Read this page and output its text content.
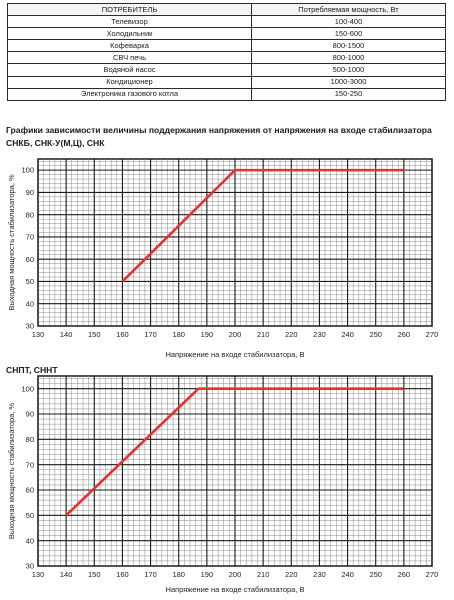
ПОТРЕБИТЕЛЬ	Потребляемая мощность, Вт
Телевизор	100-400
Холодильник	150-600
Кофеварка	800-1500
СВЧ печь	800-1000
Водяной насос	500-1000
Кондиционер	1000-3000
Электроника газового котла	150-250
Графики зависимости величины поддержания напряжения от напряжения на входе стабилизатора
СНКБ, СНК-У(М,Ц), СНК
130 140 150 160 170 180 190 200 210 220 230 240 250 260 270
30
40
50
60
70
80
90
100
Напряжение на входе стабилизатора, В
Выходная мощность стабилизатора, %
СНПТ, СННТ
130 140 150 160 170 180 190 200 210 220 230 240 250 260 270
30
40
50
60
70
80
90
100
Напряжение на входе стабилизатора, В
Выходная мощность стабилизатора, %
